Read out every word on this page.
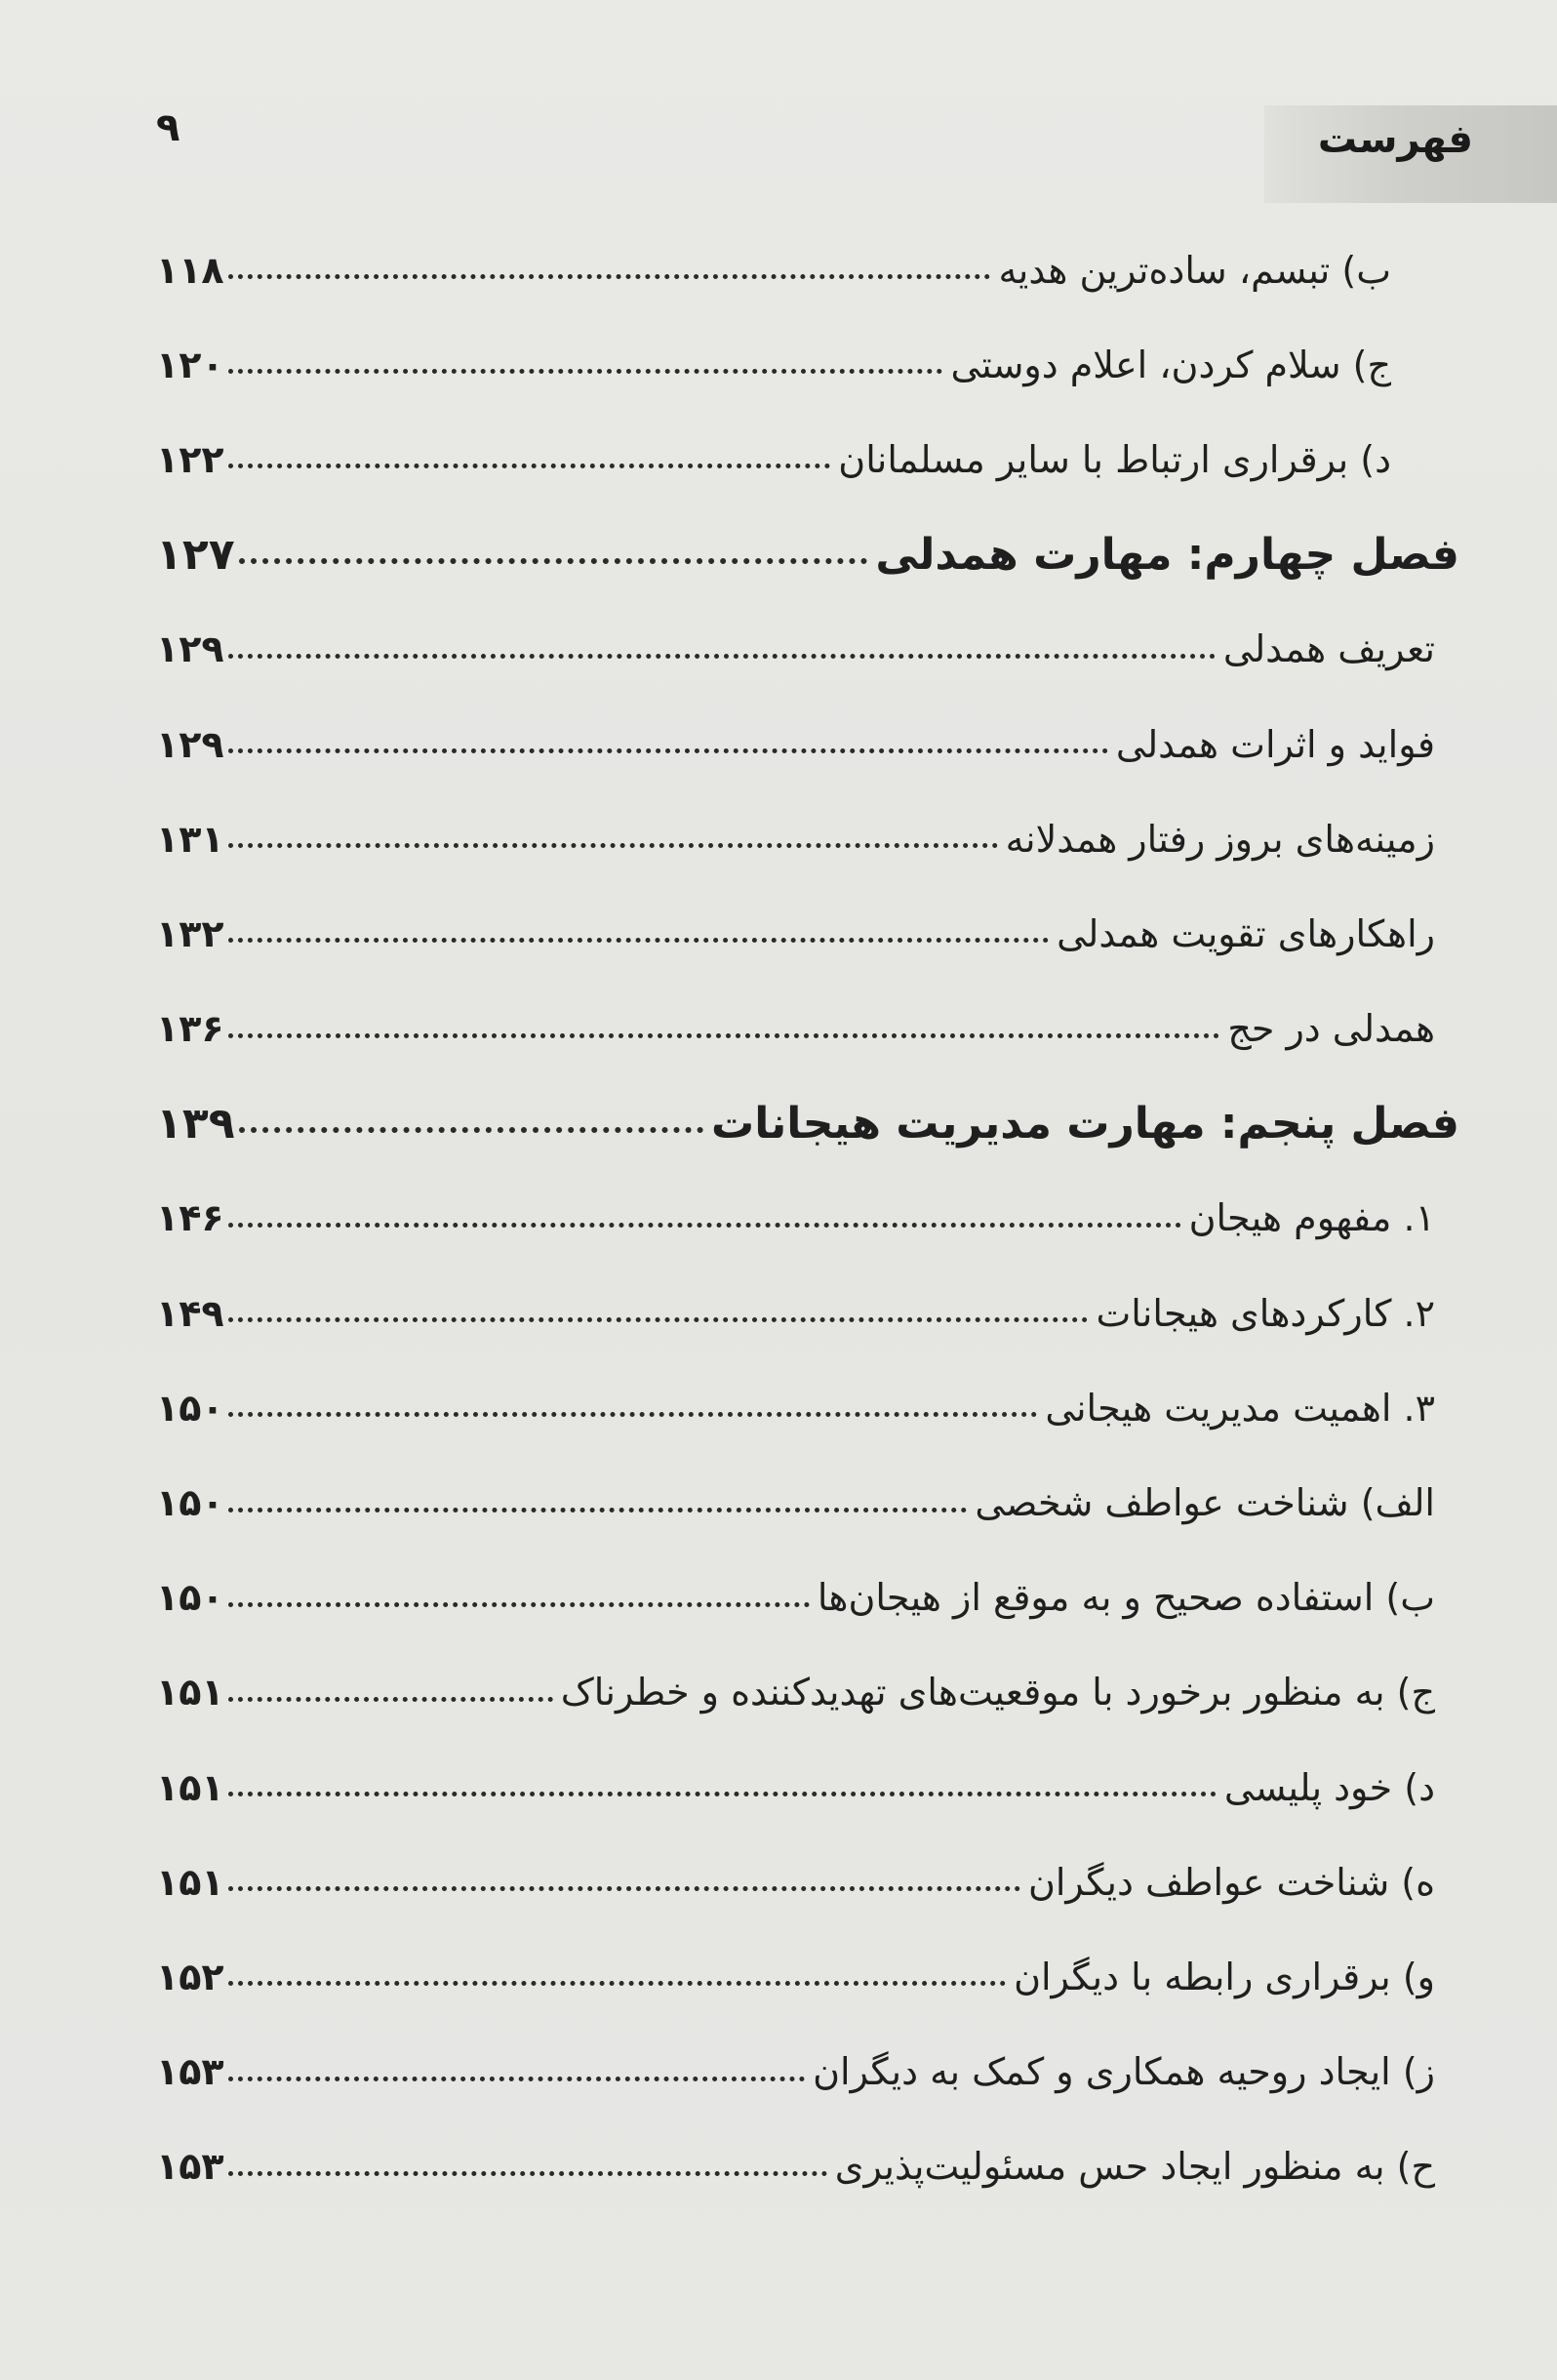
فهرست
۹
ب) تبسم، ساده‌ترین هدیه
۱۱۸
ج) سلام کردن، اعلام دوستی
۱۲۰
د) برقراری ارتباط با سایر مسلمانان
۱۲۲
فصل چهارم: مهارت همدلی
۱۲۷
تعریف همدلی
۱۲۹
فواید و اثرات همدلی
۱۲۹
زمینه‌های بروز رفتار همدلانه
۱۳۱
راهکارهای تقویت همدلی
۱۳۲
همدلی در حج
۱۳۶
فصل پنجم: مهارت مدیریت هیجانات
۱۳۹
۱. مفهوم هیجان
۱۴۶
۲. کارکردهای هیجانات
۱۴۹
۳. اهمیت مدیریت هیجانی
۱۵۰
الف) شناخت عواطف شخصی
۱۵۰
ب) استفاده صحیح و به موقع از هیجان‌ها
۱۵۰
ج) به منظور برخورد با موقعیت‌های تهدیدکننده و خطرناک
۱۵۱
د) خود پلیسی
۱۵۱
ه) شناخت عواطف دیگران
۱۵۱
و) برقراری رابطه با دیگران
۱۵۲
ز) ایجاد روحیه همکاری و کمک به دیگران
۱۵۳
ح) به منظور ایجاد حس مسئولیت‌پذیری
۱۵۳
